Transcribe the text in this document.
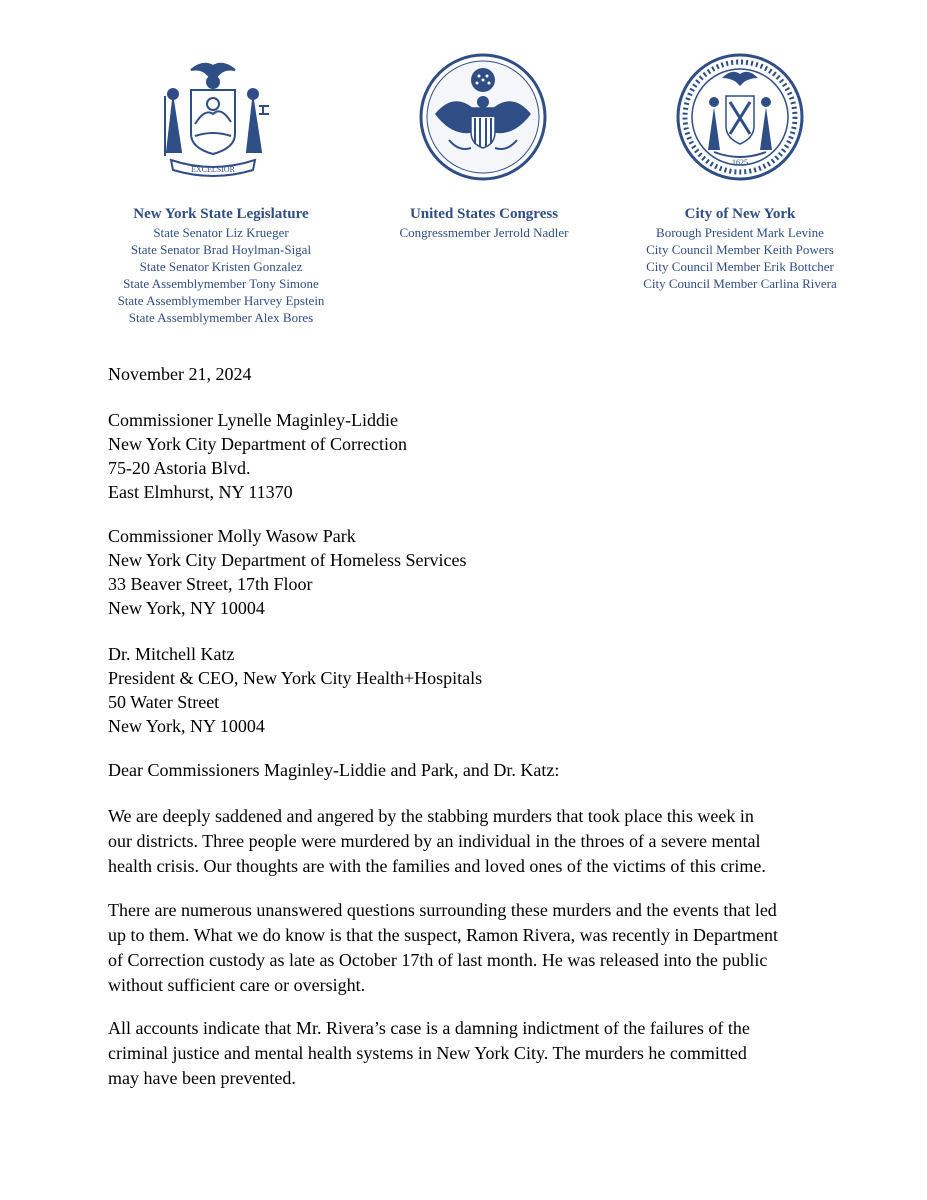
EXCELSIOR
1625
New York State Legislature
State Senator Liz Krueger
State Senator Brad Hoylman-Sigal
State Senator Kristen Gonzalez
State Assemblymember Tony Simone
State Assemblymember Harvey Epstein
State Assemblymember Alex Bores
United States Congress
Congressmember Jerrold Nadler
City of New York
Borough President Mark Levine
City Council Member Keith Powers
City Council Member Erik Bottcher
City Council Member Carlina Rivera
November 21, 2024
Commissioner Lynelle Maginley-Liddie
New York City Department of Correction
75-20 Astoria Blvd.
East Elmhurst, NY 11370
Commissioner Molly Wasow Park
New York City Department of Homeless Services
33 Beaver Street, 17th Floor
New York, NY 10004
Dr. Mitchell Katz
President & CEO, New York City Health+Hospitals
50 Water Street
New York, NY 10004
Dear Commissioners Maginley-Liddie and Park, and Dr. Katz:
We are deeply saddened and angered by the stabbing murders that took place this week in
our districts. Three people were murdered by an individual in the throes of a severe mental
health crisis. Our thoughts are with the families and loved ones of the victims of this crime.
There are numerous unanswered questions surrounding these murders and the events that led
up to them. What we do know is that the suspect, Ramon Rivera, was recently in Department
of Correction custody as late as October 17th of last month. He was released into the public
without sufficient care or oversight.
All accounts indicate that Mr. Rivera’s case is a damning indictment of the failures of the
criminal justice and mental health systems in New York City. The murders he committed
may have been prevented.
